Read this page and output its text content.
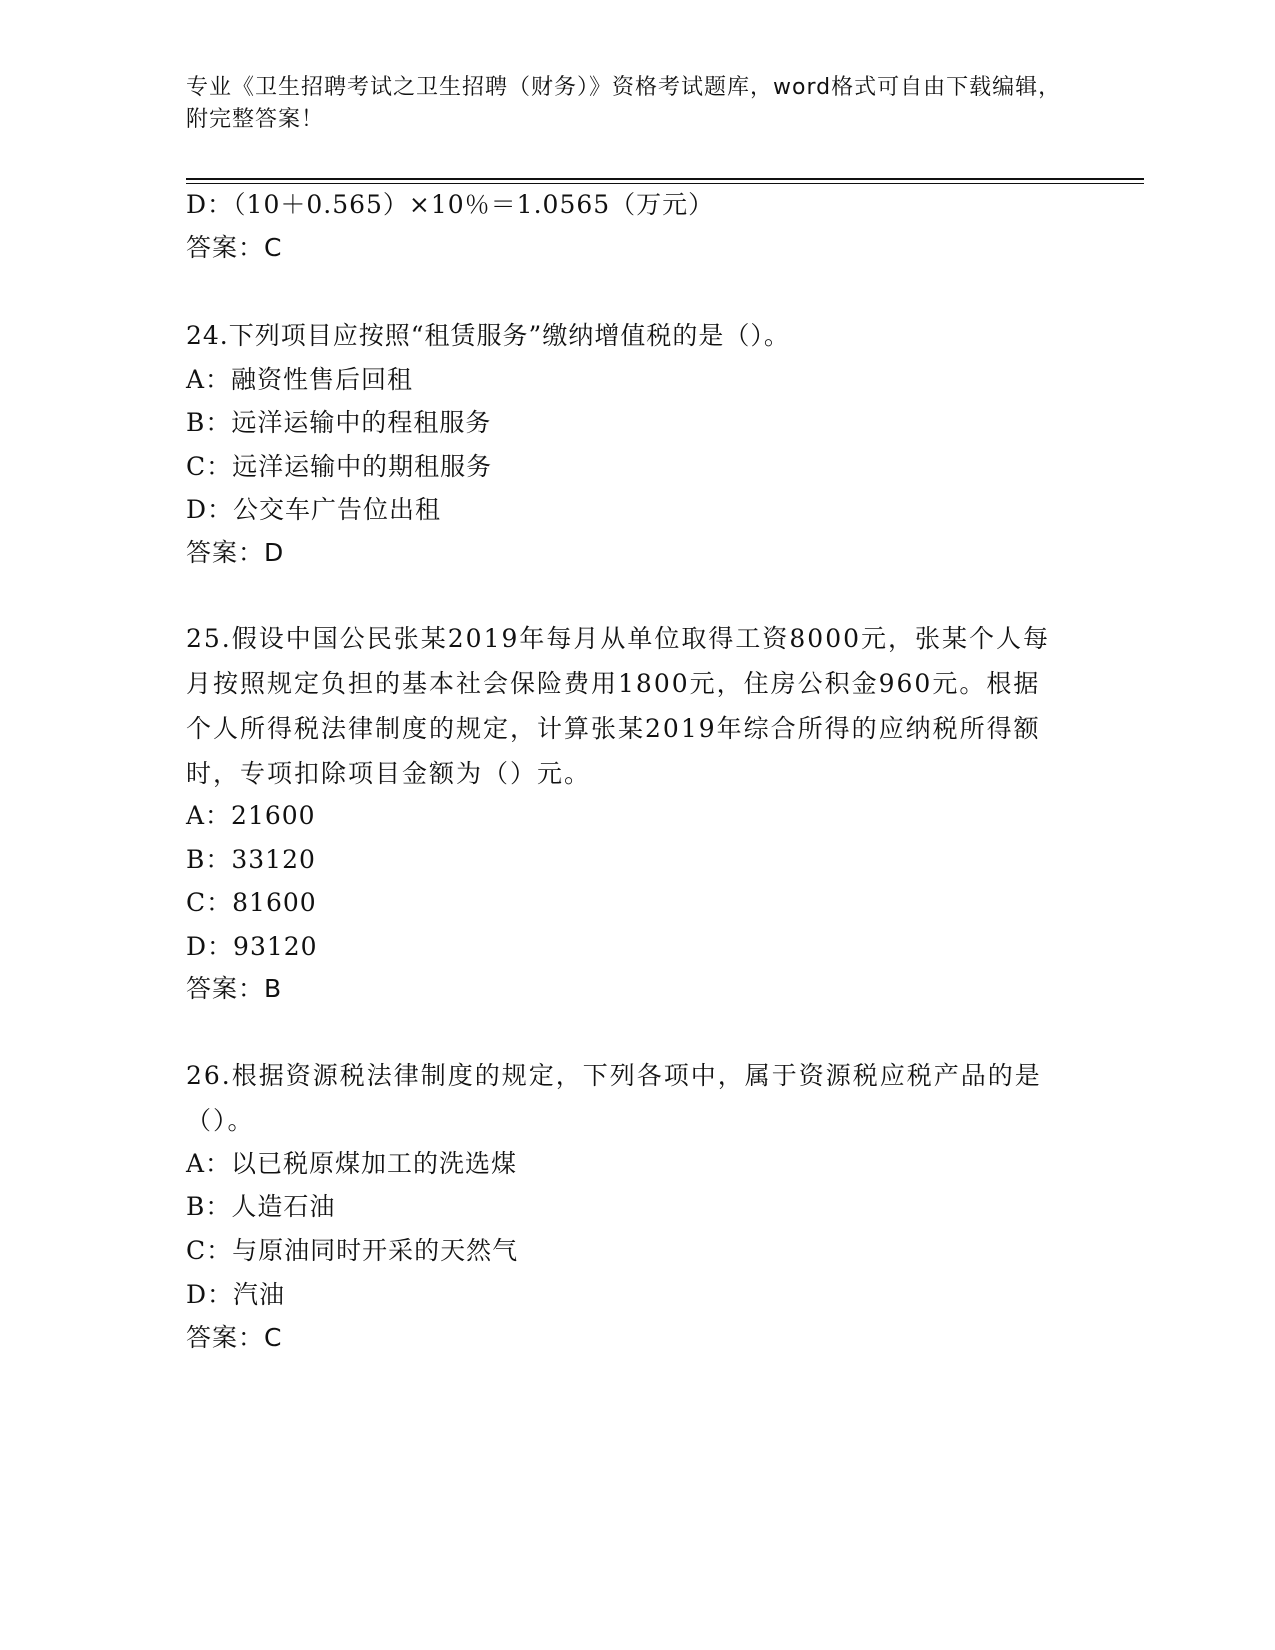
专业《卫生招聘考试之卫生招聘（财务）》资格考试题库，word格式可自由下载编辑，附完整答案！
D：（10＋0.565）×10％＝1.0565（万元）
答案：C
24.下列项目应按照“租赁服务”缴纳增值税的是（）。
A：融资性售后回租
B：远洋运输中的程租服务
C：远洋运输中的期租服务
D：公交车广告位出租
答案：D
25.假设中国公民张某2019年每月从单位取得工资8000元，张某个人每月按照规定负担的基本社会保险费用1800元，住房公积金960元。根据个人所得税法律制度的规定，计算张某2019年综合所得的应纳税所得额时，专项扣除项目金额为（）元。
A：21600
B：33120
C：81600
D：93120
答案：B
26.根据资源税法律制度的规定，下列各项中，属于资源税应税产品的是（）。
A：以已税原煤加工的洗选煤
B：人造石油
C：与原油同时开采的天然气
D：汽油
答案：C
